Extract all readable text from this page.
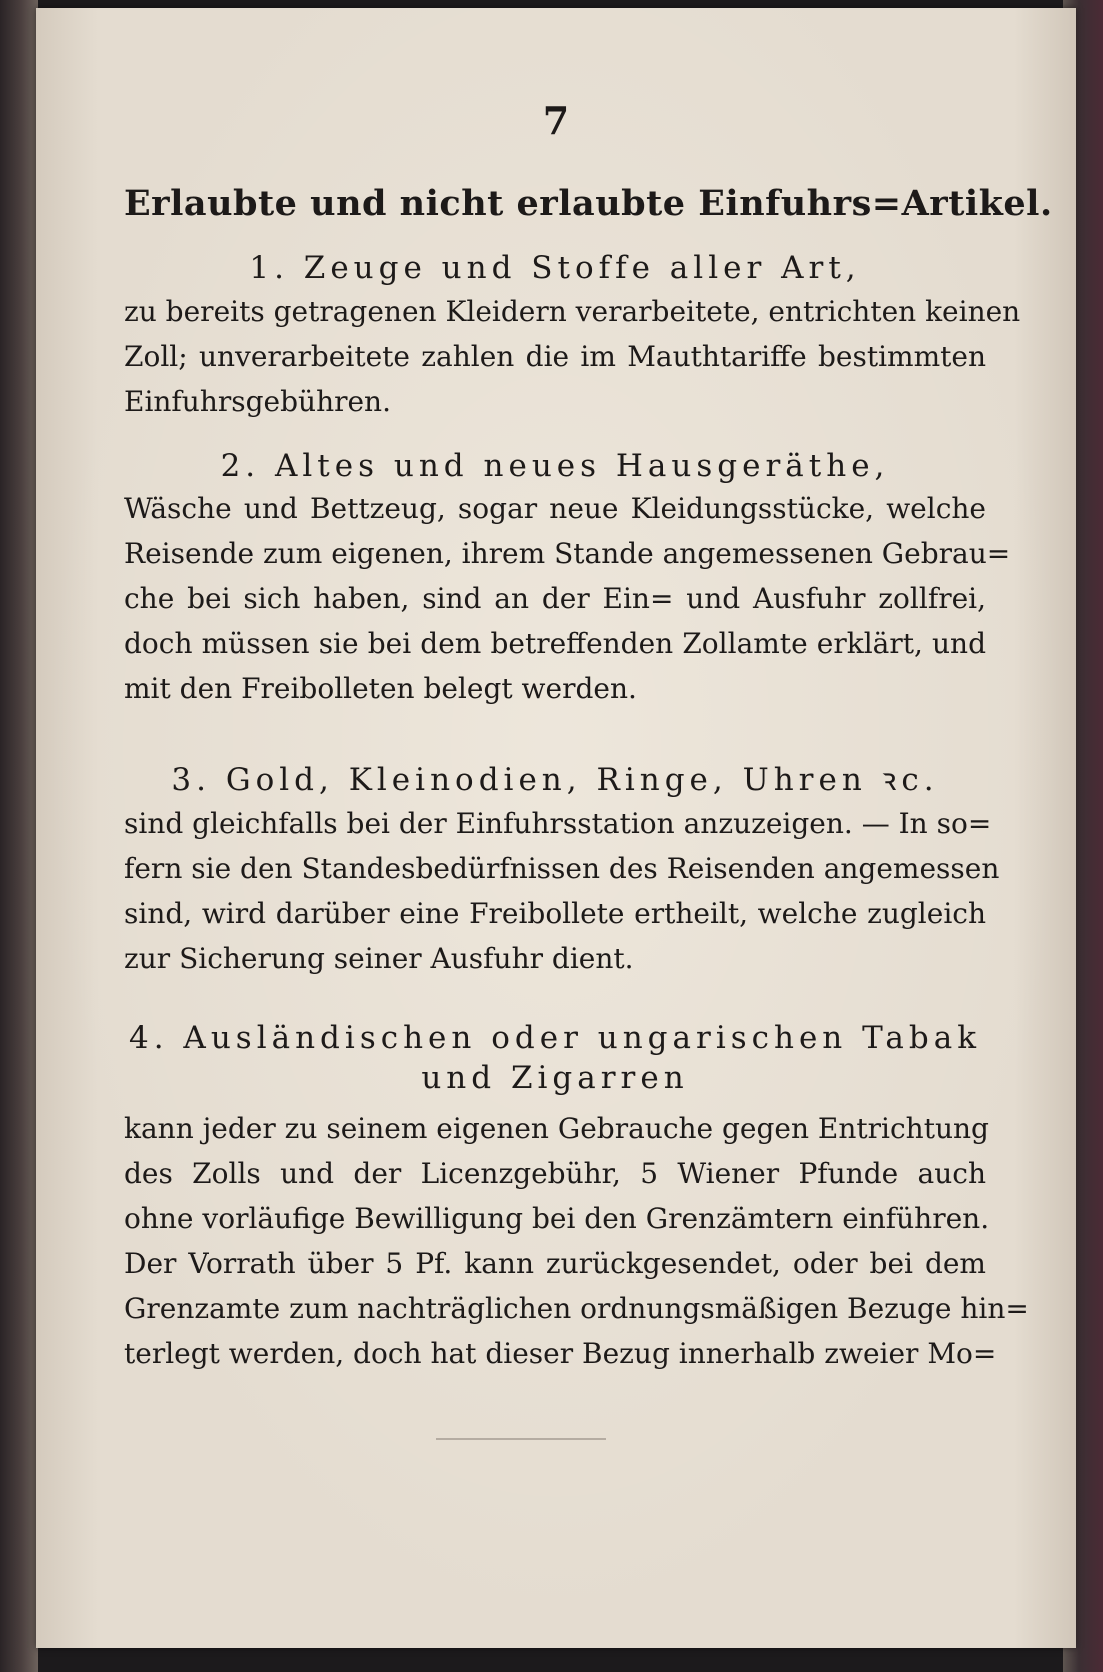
7
Erlaubte und nicht erlaubte Einfuhrs=Artikel.
1. Zeuge und Stoffe aller Art,
zu bereits getragenen Kleidern verarbeitete, entrichten keinen
Zoll; unverarbeitete zahlen die im Mauthtariffe bestimmten
Einfuhrsgebühren.
2. Altes und neues Hausgeräthe,
Wäsche und Bettzeug, sogar neue Kleidungsstücke, welche
Reisende zum eigenen, ihrem Stande angemessenen Gebrau=
che bei sich haben, sind an der Ein= und Ausfuhr zollfrei,
doch müssen sie bei dem betreffenden Zollamte erklärt, und
mit den Freibolleten belegt werden.
3. Gold, Kleinodien, Ringe, Uhren ꝛc.
sind gleichfalls bei der Einfuhrsstation anzuzeigen. — In so=
fern sie den Standesbedürfnissen des Reisenden angemessen
sind, wird darüber eine Freibollete ertheilt, welche zugleich
zur Sicherung seiner Ausfuhr dient.
4. Ausländischen oder ungarischen Tabak
und Zigarren
kann jeder zu seinem eigenen Gebrauche gegen Entrichtung
des Zolls und der Licenzgebühr, 5 Wiener Pfunde auch
ohne vorläufige Bewilligung bei den Grenzämtern einführen.
Der Vorrath über 5 Pf. kann zurückgesendet, oder bei dem
Grenzamte zum nachträglichen ordnungsmäßigen Bezuge hin=
terlegt werden, doch hat dieser Bezug innerhalb zweier Mo=
